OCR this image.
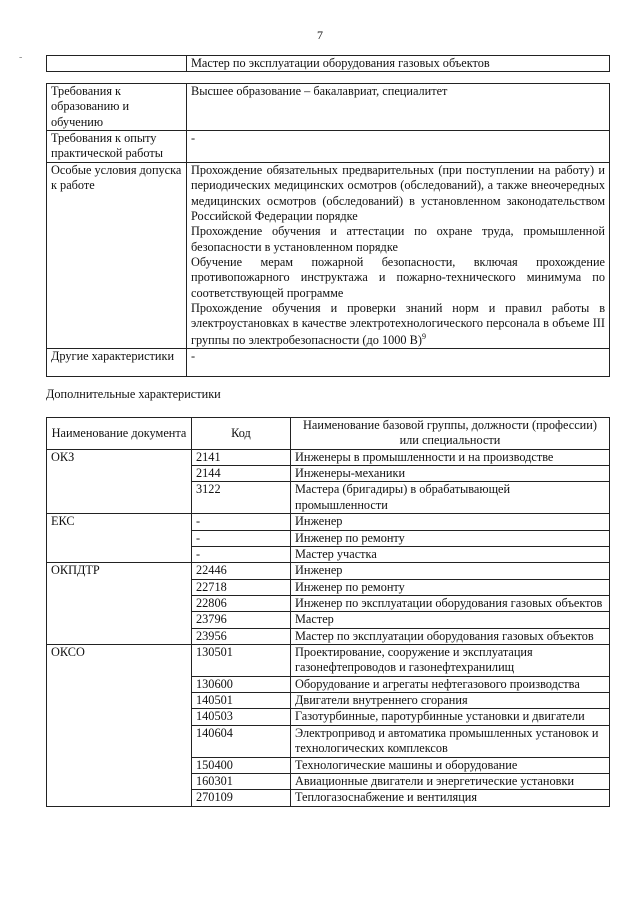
7
-
		Мастер по эксплуатации оборудования газовых объектов
Требования к образованию и обучению	Высшее образование – бакалавриат, специалитет
Требования к опыту практической работы	-
Особые условия допуска к работе	Прохождение обязательных предварительных (при поступлении на работу) и периодических медицинских осмотров (обследований), а также внеочередных медицинских осмотров (обследований) в установленном законодательством Российской Федерации порядке
Прохождение обучения и аттестации по охране труда, промышленной безопасности в установленном порядке
Обучение мерам пожарной безопасности, включая прохождение противопожарного инструктажа и пожарно-технического минимума по соответствующей программе
Прохождение обучения и проверки знаний норм и правил работы в электроустановках в качестве электротехнологического персонала в объеме III группы по электробезопасности (до 1000 В)$^9$

Другие характеристики	-
Дополнительные характеристики
Наименование документа	Код	Наименование базовой группы, должности (профессии) или специальности
ОКЗ	2141	Инженеры в промышленности и на производстве
	2144	Инженеры-механики
	3122	Мастера (бригадиры) в обрабатывающей промышленности
ЕКС	-	Инженер
	-	Инженер по ремонту
	-	Мастер участка
ОКПДТР	22446	Инженер
	22718	Инженер по ремонту
	22806	Инженер по эксплуатации оборудования газовых объектов
	23796	Мастер
	23956	Мастер по эксплуатации оборудования газовых объектов
ОКСО	130501	Проектирование, сооружение и эксплуатация газонефтепроводов и газонефтехранилищ
	130600	Оборудование и агрегаты нефтегазового производства
	140501	Двигатели внутреннего сгорания
	140503	Газотурбинные, паротурбинные установки и двигатели
	140604	Электропривод и автоматика промышленных установок и технологических комплексов
	150400	Технологические машины и оборудование
	160301	Авиационные двигатели и энергетические установки
	270109	Теплогазоснабжение и вентиляция
